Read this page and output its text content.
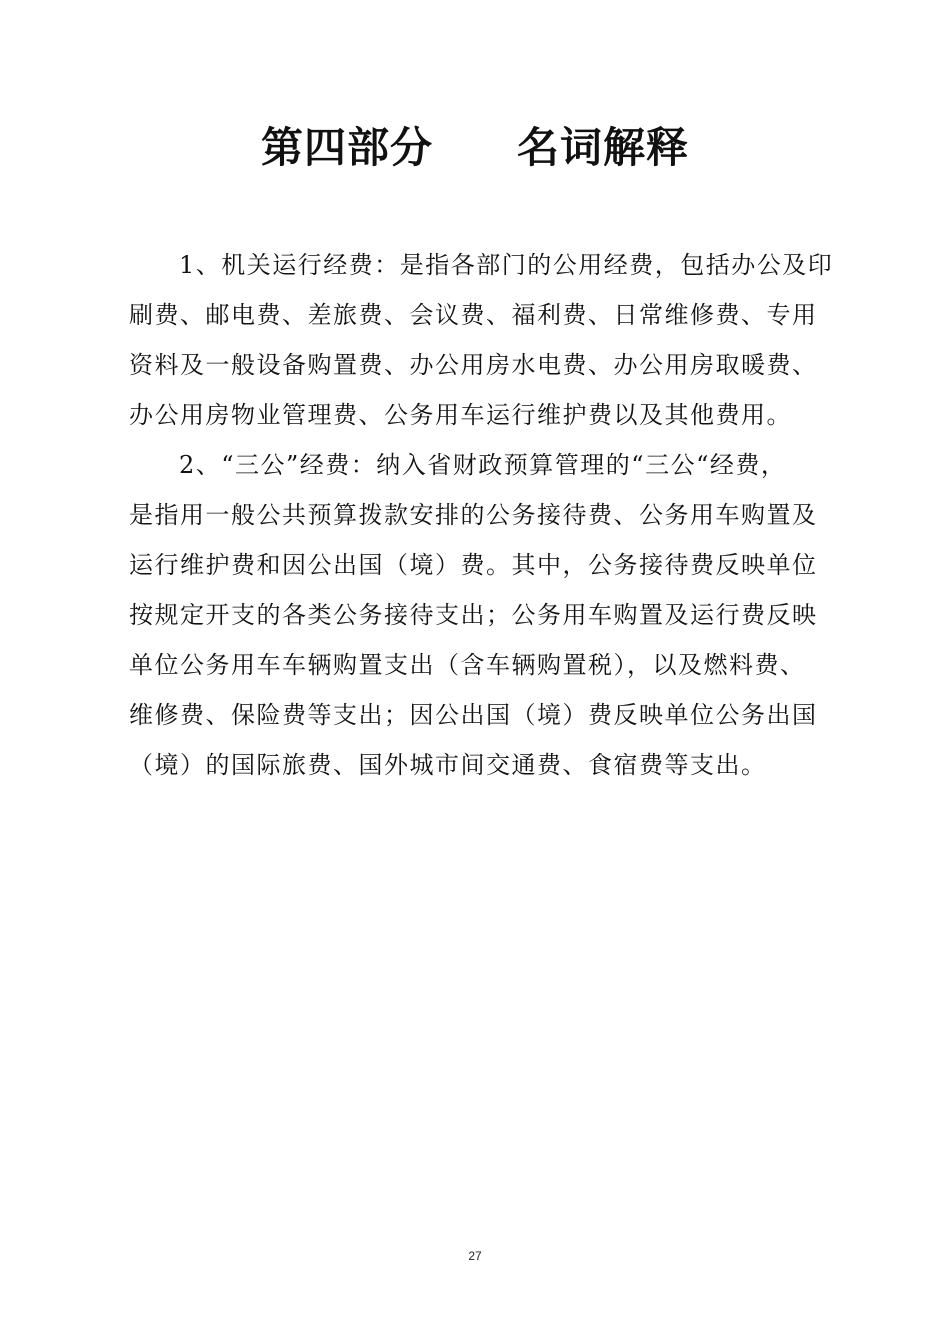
第四部分 名词解释
1、机关运行经费：是指各部门的公用经费，包括办公及印
刷费、邮电费、差旅费、会议费、福利费、日常维修费、专用
资料及一般设备购置费、办公用房水电费、办公用房取暖费、
办公用房物业管理费、公务用车运行维护费以及其他费用。
2、“三公”经费：纳入省财政预算管理的“三公“经费，
是指用一般公共预算拨款安排的公务接待费、公务用车购置及
运行维护费和因公出国（境）费。其中，公务接待费反映单位
按规定开支的各类公务接待支出；公务用车购置及运行费反映
单位公务用车车辆购置支出（含车辆购置税），以及燃料费、
维修费、保险费等支出；因公出国（境）费反映单位公务出国
（境）的国际旅费、国外城市间交通费、食宿费等支出。
27
